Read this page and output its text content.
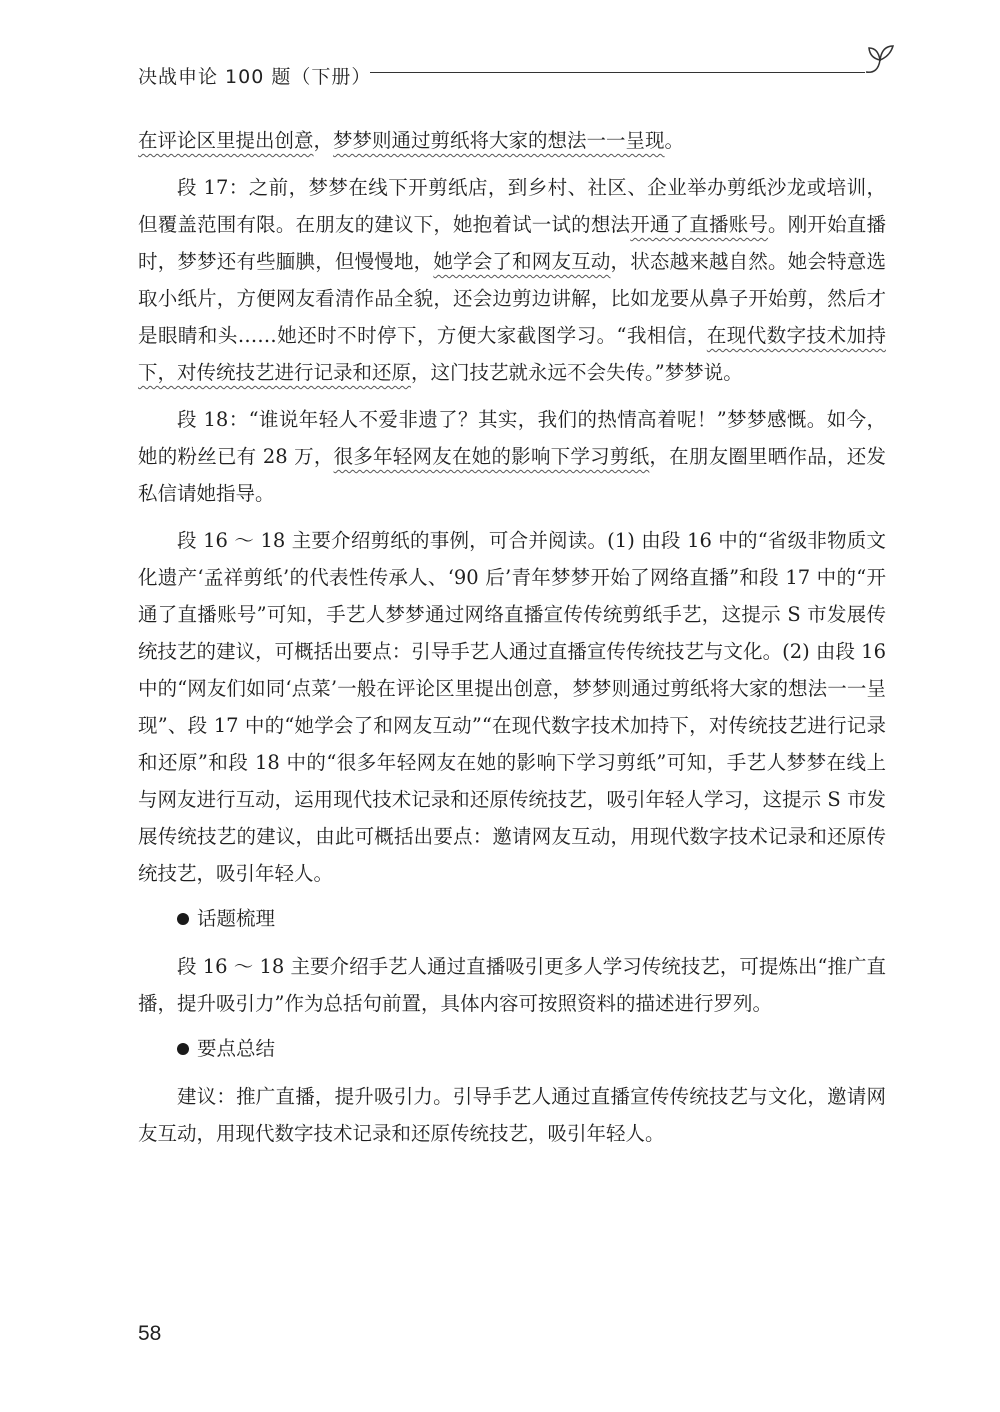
决战申论 100 题（下册）

在评论区里提出创意，梦梦则通过剪纸将大家的想法一一呈现。

段 17：之前，梦梦在线下开剪纸店，到乡村、社区、企业举办剪纸沙龙或培训，但覆盖范围有限。在朋友的建议下，她抱着试一试的想法开通了直播账号。刚开始直播时，梦梦还有些腼腆，但慢慢地，她学会了和网友互动，状态越来越自然。她会特意选取小纸片，方便网友看清作品全貌，还会边剪边讲解，比如龙要从鼻子开始剪，然后才是眼睛和头……她还时不时停下，方便大家截图学习。“我相信，在现代数字技术加持下，对传统技艺进行记录和还原，这门技艺就永远不会失传。”梦梦说。

段 18：“谁说年轻人不爱非遗了？其实，我们的热情高着呢！”梦梦感慨。如今，她的粉丝已有 28 万，很多年轻网友在她的影响下学习剪纸，在朋友圈里晒作品，还发私信请她指导。

段 16 ～ 18 主要介绍剪纸的事例，可合并阅读。(1) 由段 16 中的“省级非物质文化遗产‘孟祥剪纸’的代表性传承人、‘90 后’青年梦梦开始了网络直播”和段 17 中的“开通了直播账号”可知，手艺人梦梦通过网络直播宣传传统剪纸手艺，这提示 S 市发展传统技艺的建议，可概括出要点：引导手艺人通过直播宣传传统技艺与文化。(2) 由段 16 中的“网友们如同‘点菜’一般在评论区里提出创意，梦梦则通过剪纸将大家的想法一一呈现”、段 17 中的“她学会了和网友互动”“在现代数字技术加持下，对传统技艺进行记录和还原”和段 18 中的“很多年轻网友在她的影响下学习剪纸”可知，手艺人梦梦在线上与网友进行互动，运用现代技术记录和还原传统技艺，吸引年轻人学习，这提示 S 市发展传统技艺的建议，由此可概括出要点：邀请网友互动，用现代数字技术记录和还原传统技艺，吸引年轻人。

话题梳理

段 16 ～ 18 主要介绍手艺人通过直播吸引更多人学习传统技艺，可提炼出“推广直播，提升吸引力”作为总括句前置，具体内容可按照资料的描述进行罗列。

要点总结

建议：推广直播，提升吸引力。引导手艺人通过直播宣传传统技艺与文化，邀请网友互动，用现代数字技术记录和还原传统技艺，吸引年轻人。

58
